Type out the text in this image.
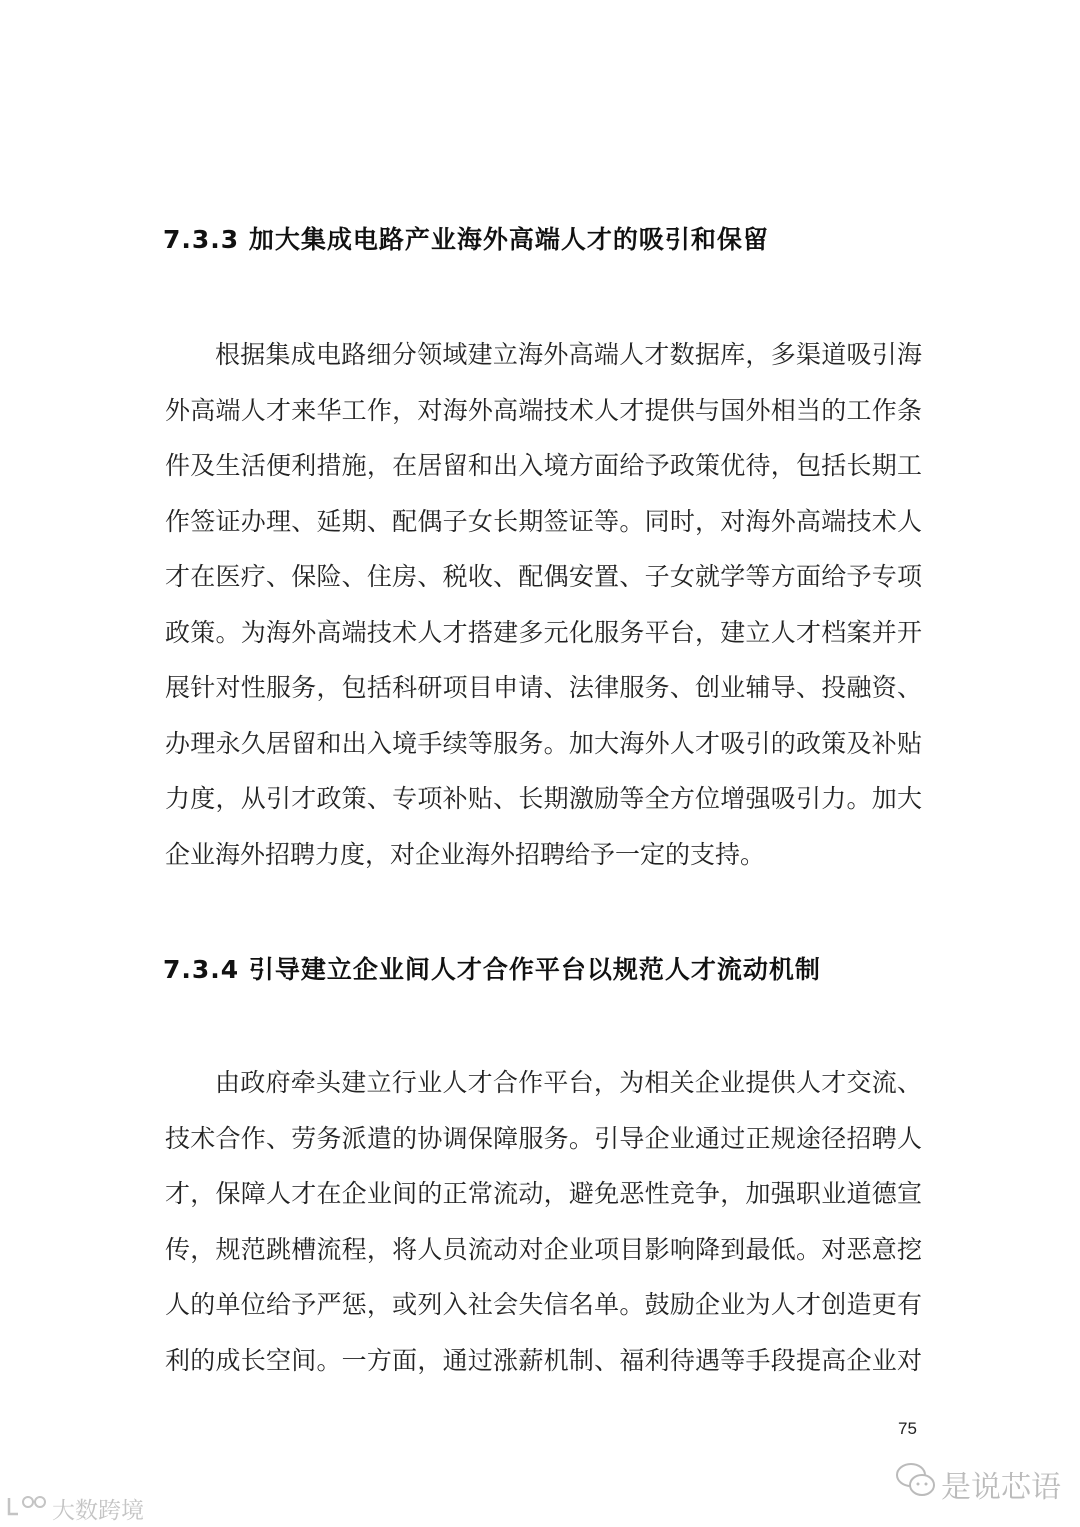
7.3.3 加大集成电路产业海外高端人才的吸引和保留
根据集成电路细分领域建立海外高端人才数据库，多渠道吸引海
外高端人才来华工作，对海外高端技术人才提供与国外相当的工作条
件及生活便利措施，在居留和出入境方面给予政策优待，包括长期工
作签证办理、延期、配偶子女长期签证等。同时，对海外高端技术人
才在医疗、保险、住房、税收、配偶安置、子女就学等方面给予专项
政策。为海外高端技术人才搭建多元化服务平台，建立人才档案并开
展针对性服务，包括科研项目申请、法律服务、创业辅导、投融资、
办理永久居留和出入境手续等服务。加大海外人才吸引的政策及补贴
力度，从引才政策、专项补贴、长期激励等全方位增强吸引力。加大
企业海外招聘力度，对企业海外招聘给予一定的支持。
7.3.4 引导建立企业间人才合作平台以规范人才流动机制
由政府牵头建立行业人才合作平台，为相关企业提供人才交流、
技术合作、劳务派遣的协调保障服务。引导企业通过正规途径招聘人
才，保障人才在企业间的正常流动，避免恶性竞争，加强职业道德宣
传，规范跳槽流程，将人员流动对企业项目影响降到最低。对恶意挖
人的单位给予严惩，或列入社会失信名单。鼓励企业为人才创造更有
利的成长空间。一方面，通过涨薪机制、福利待遇等手段提高企业对
75
是说芯语
大数跨境
